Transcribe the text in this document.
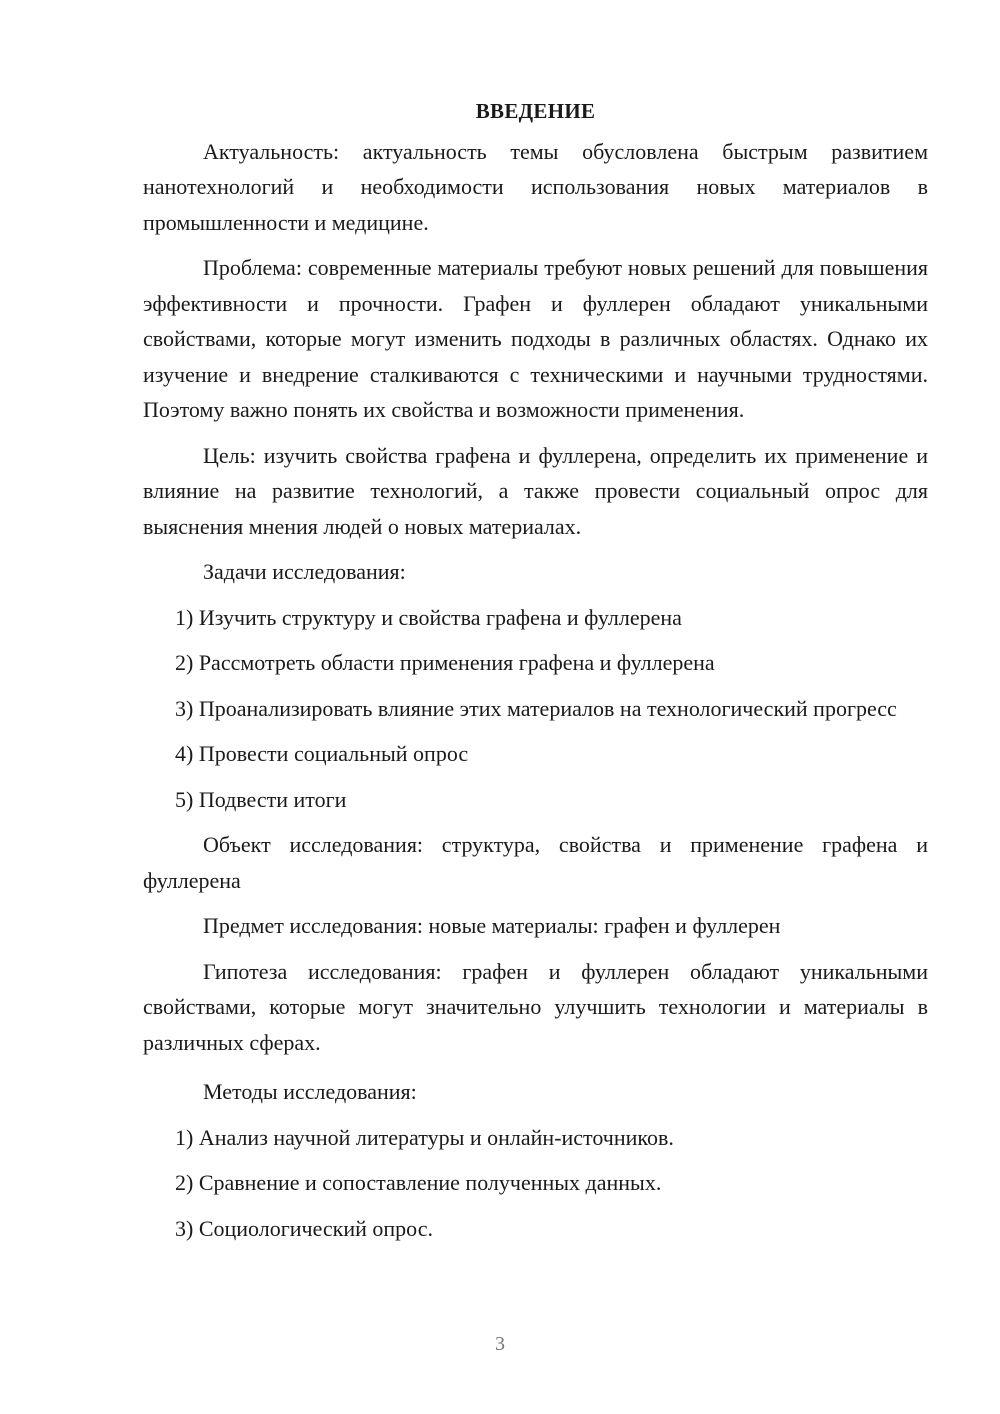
ВВЕДЕНИЕ

Актуальность: актуальность темы обусловлена быстрым развитием нанотехнологий и необходимости использования новых материалов в промышленности и медицине.

Проблема: современные материалы требуют новых решений для повышения эффективности и прочности. Графен и фуллерен обладают уникальными свойствами, которые могут изменить подходы в различных областях. Однако их изучение и внедрение сталкиваются с техническими и научными трудностями. Поэтому важно понять их свойства и возможности применения.

Цель: изучить свойства графена и фуллерена, определить их применение и влияние на развитие технологий, а также провести социальный опрос для выяснения мнения людей о новых материалах.

Задачи исследования:

1) Изучить структуру и свойства графена и фуллерена

2) Рассмотреть области применения графена и фуллерена

3) Проанализировать влияние этих материалов на технологический прогресс

4) Провести социальный опрос

5) Подвести итоги

Объект исследования: структура, свойства и применение графена и фуллерена

Предмет исследования: новые материалы: графен и фуллерен

Гипотеза исследования: графен и фуллерен обладают уникальными свойствами, которые могут значительно улучшить технологии и материалы в различных сферах.

Методы исследования:

1) Анализ научной литературы и онлайн-источников.

2) Сравнение и сопоставление полученных данных.

3) Социологический опрос.

3
